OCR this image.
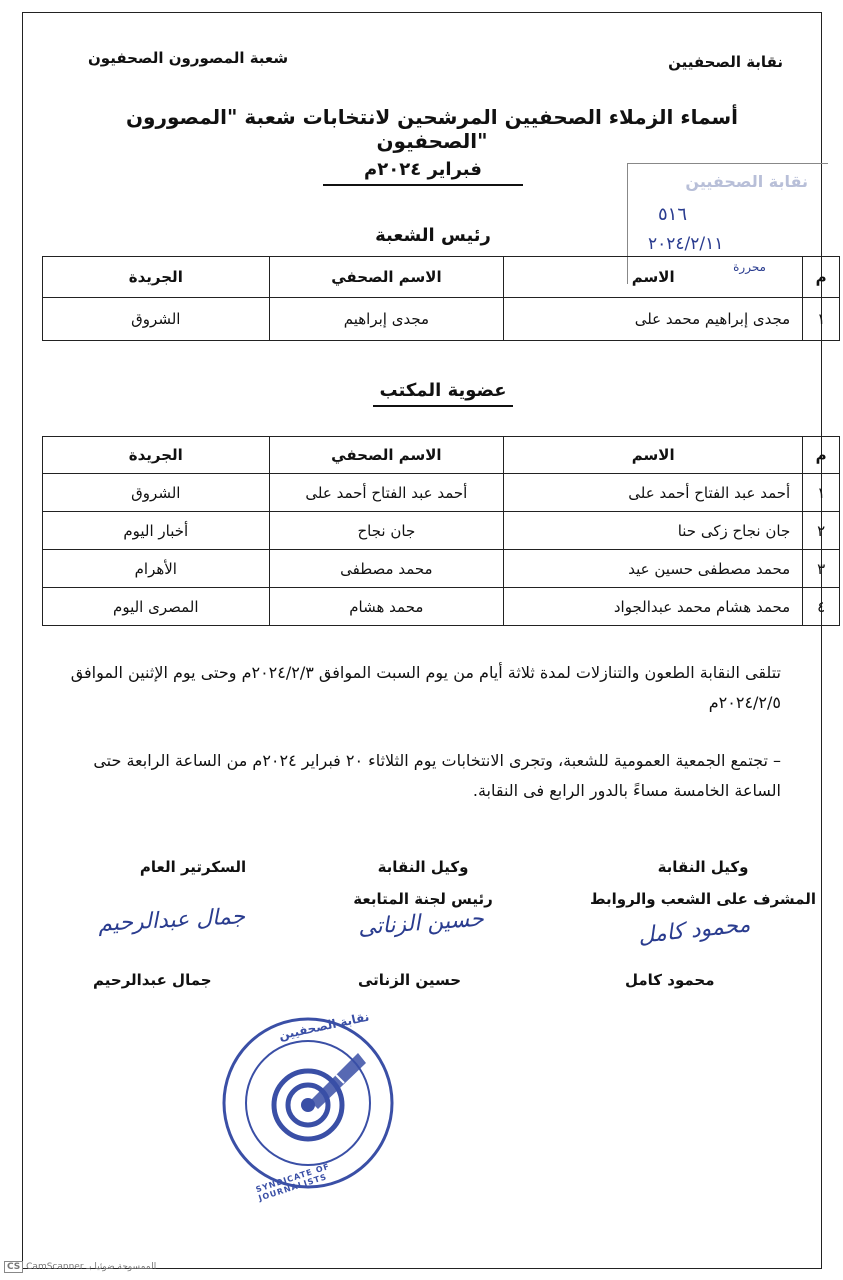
نقابة الصحفيين
شعبة المصورون الصحفيون
نقابة الصحفيين
٥١٦
٢٠٢٤/٢/١١
محررة
أسماء الزملاء الصحفيين المرشحين لانتخابات شعبة "المصورون الصحفيون"
فبراير ٢٠٢٤م
رئيس الشعبة
م	الاسم	الاسم الصحفي	الجريدة
١	مجدى إبراهيم محمد على	مجدى إبراهيم	الشروق
عضوية المكتب
م	الاسم	الاسم الصحفي	الجريدة
١	أحمد عبد الفتاح أحمد على	أحمد عبد الفتاح أحمد على	الشروق
٢	جان نجاح زكى حنا	جان نجاح	أخبار اليوم
٣	محمد مصطفى حسين عيد	محمد مصطفى	الأهرام
٤	محمد هشام محمد عبدالجواد	محمد هشام	المصرى اليوم
تتلقى النقابة الطعون والتنازلات لمدة ثلاثة أيام من يوم السبت الموافق ٢٠٢٤/٢/٣م وحتى يوم الإثنين الموافق ٢٠٢٤/٢/٥م
– تجتمع الجمعية العمومية للشعبة، وتجرى الانتخابات يوم الثلاثاء ٢٠ فبراير ٢٠٢٤م من الساعة الرابعة حتى الساعة الخامسة مساءً بالدور الرابع فى النقابة.
وكيل النقابة
المشرف على الشعب والروابط
وكيل النقابة
رئيس لجنة المتابعة
السكرتير العام
محمود كامل
حسين الزناتى
جمال عبدالرحيم
محمود كامل
حسين الزناتى
جمال عبدالرحيم
نقابة الصحفيين
SYNDICATE OF JOURNALISTS
CS CamScanner الممسوحة ضوئيا بـ
